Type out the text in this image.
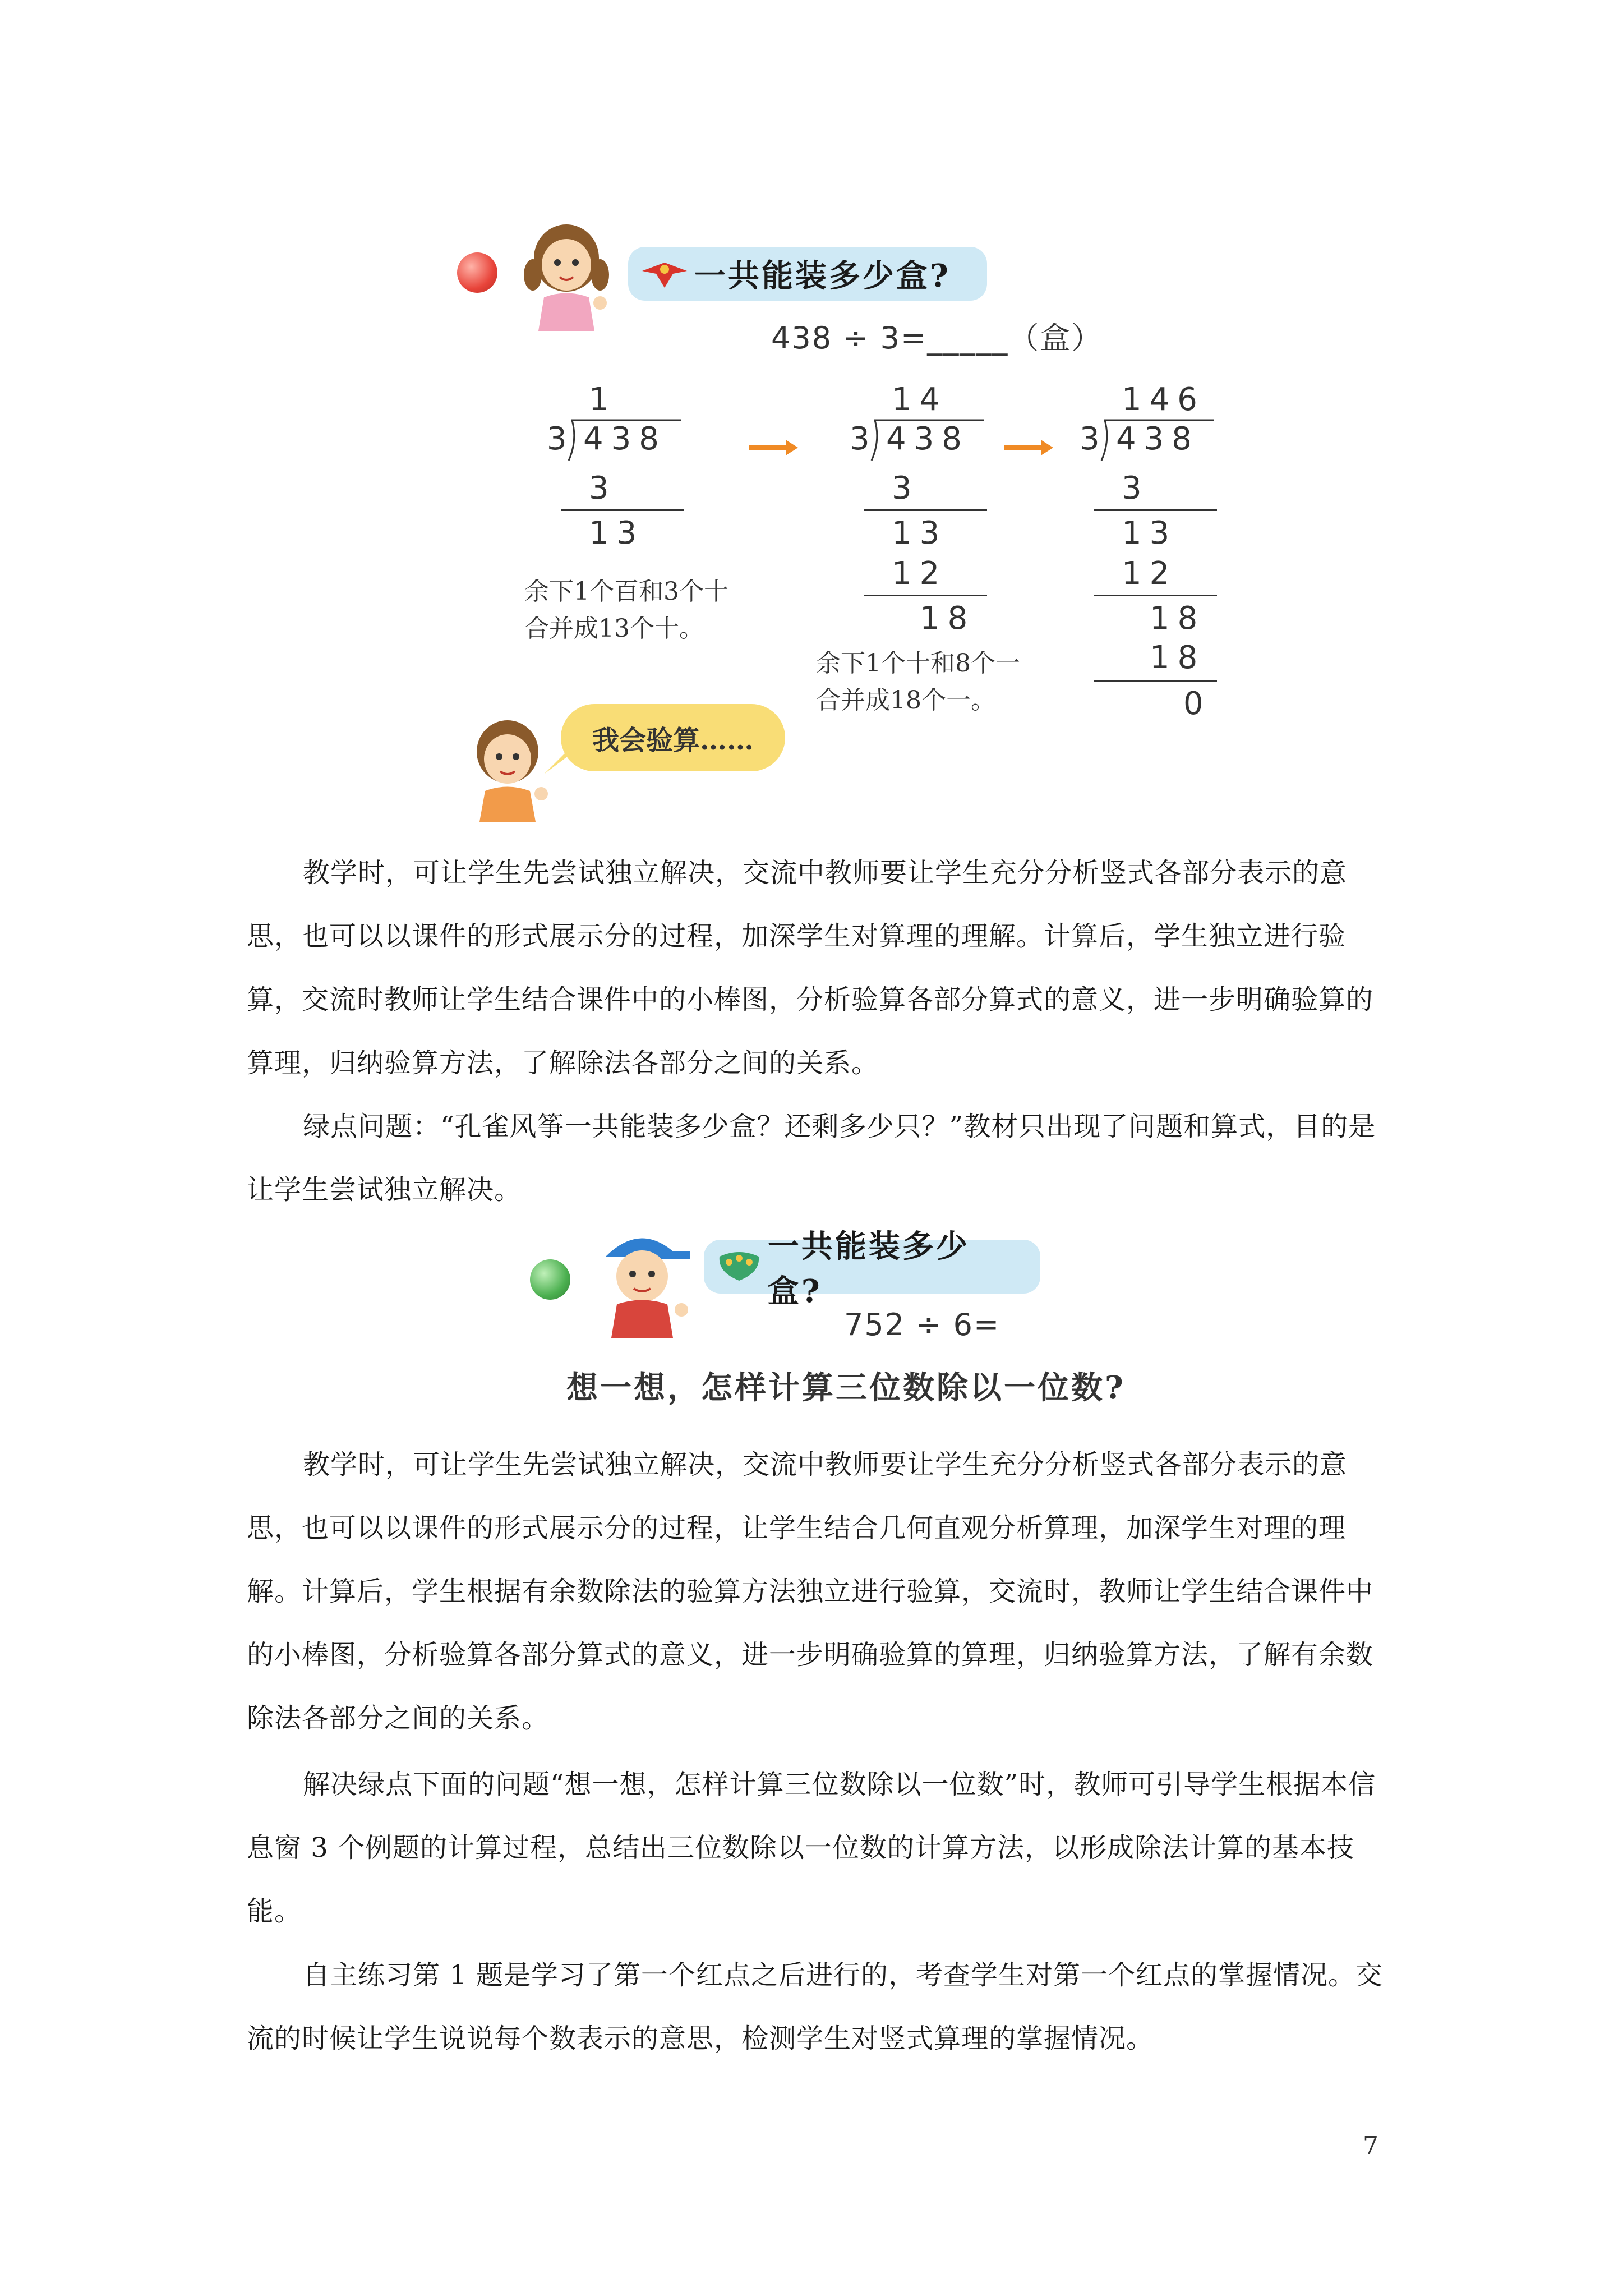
一共能装多少盒?
438 ÷ 3=_____（盒）
1
3 438
3
13
余下1个百和3个十
合并成13个十。
14
3 438
3
13
12
18
余下1个十和8个一
合并成18个一。
146
3 438
3
13
12
18
18
0
我会验算……

教学时，可让学生先尝试独立解决，交流中教师要让学生充分分析竖式各部分表示的意思，也可以以课件的形式展示分的过程，加深学生对算理的理解。计算后，学生独立进行验算，交流时教师让学生结合课件中的小棒图，分析验算各部分算式的意义，进一步明确验算的算理，归纳验算方法，了解除法各部分之间的关系。

绿点问题：“孔雀风筝一共能装多少盒？还剩多少只？”教材只出现了问题和算式，目的是让学生尝试独立解决。

一共能装多少盒?
752 ÷ 6=
想一想，怎样计算三位数除以一位数?

教学时，可让学生先尝试独立解决，交流中教师要让学生充分分析竖式各部分表示的意思，也可以以课件的形式展示分的过程，让学生结合几何直观分析算理，加深学生对理的理解。计算后，学生根据有余数除法的验算方法独立进行验算，交流时，教师让学生结合课件中的小棒图，分析验算各部分算式的意义，进一步明确验算的算理，归纳验算方法，了解有余数除法各部分之间的关系。

解决绿点下面的问题“想一想，怎样计算三位数除以一位数”时，教师可引导学生根据本信息窗 3 个例题的计算过程，总结出三位数除以一位数的计算方法，以形成除法计算的基本技能。

自主练习第 1 题是学习了第一个红点之后进行的，考查学生对第一个红点的掌握情况。交流的时候让学生说说每个数表示的意思，检测学生对竖式算理的掌握情况。

7
